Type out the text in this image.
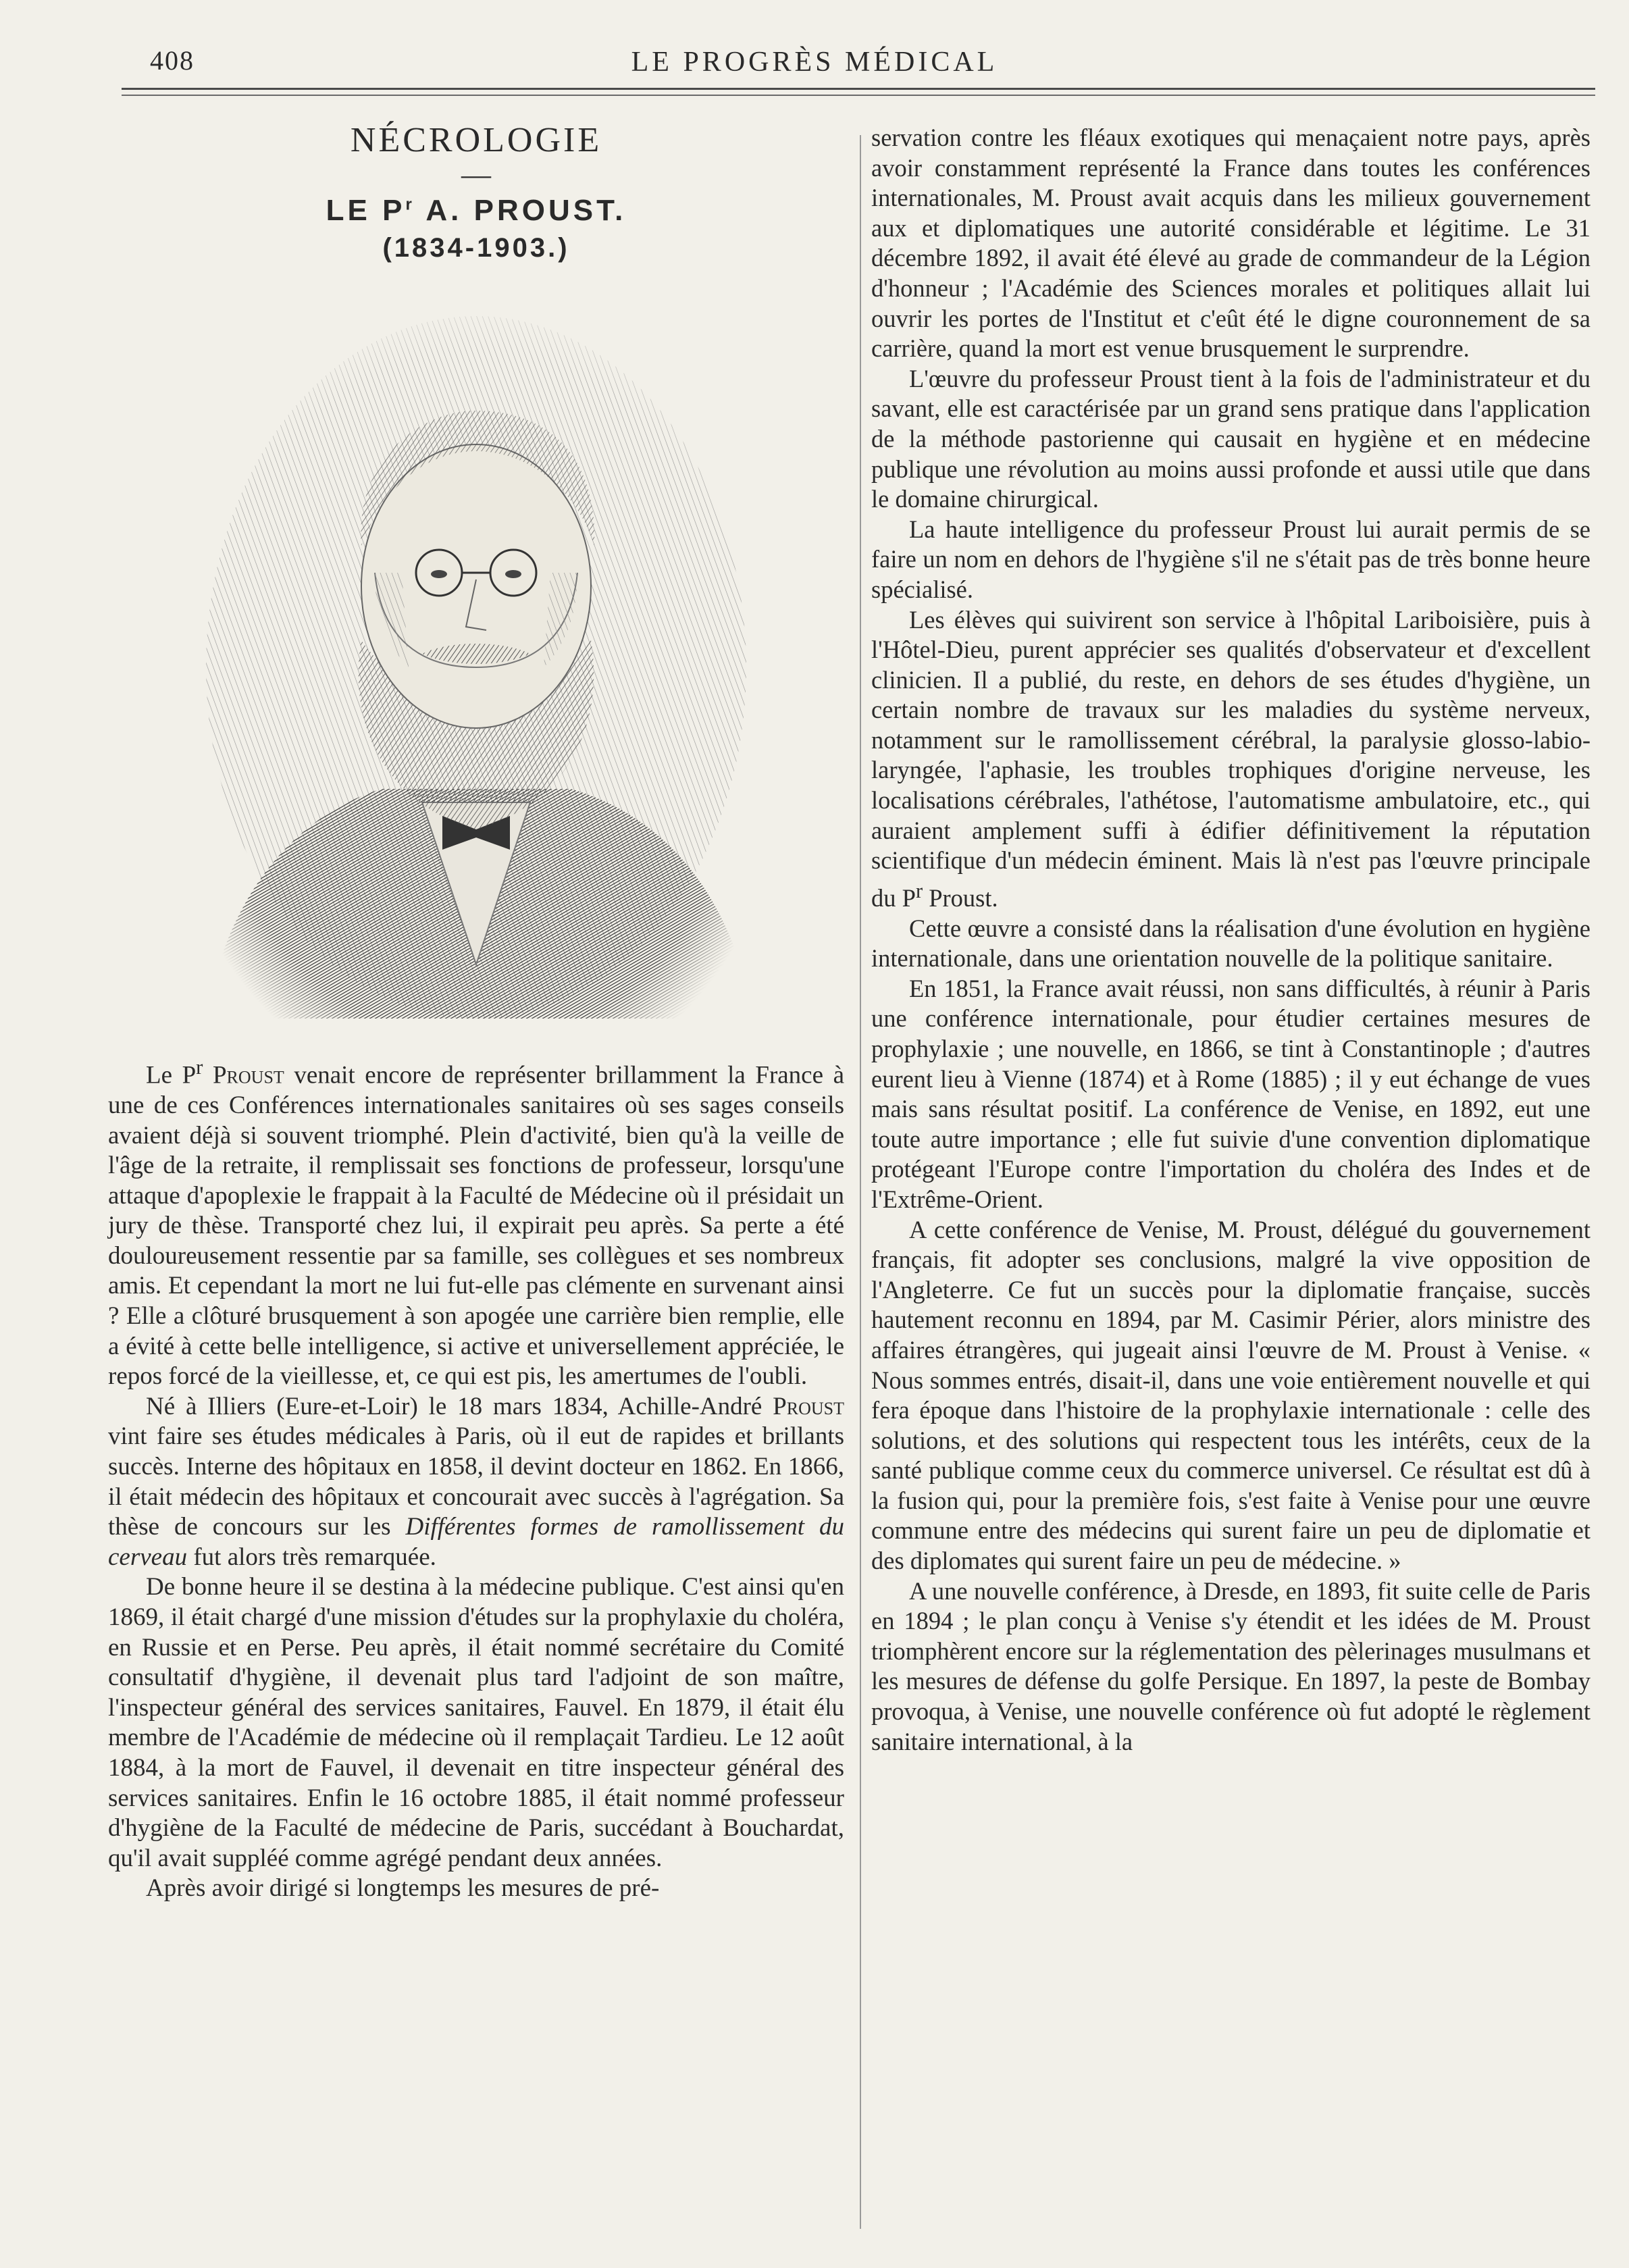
408	LE PROGRÈS MÉDICAL
NÉCROLOGIE
—
LE $P^r$ A. PROUST.
(1834-1903.)

Le $P^r$ Proust venait encore de représenter brillamment la France à une de ces Conférences internationales sanitaires où ses sages conseils avaient déjà si souvent triomphé. Plein d'activité, bien qu'à la veille de l'âge de la retraite, il remplissait ses fonctions de professeur, lorsqu'une attaque d'apoplexie le frappait à la Faculté de Médecine où il présidait un jury de thèse. Transporté chez lui, il expirait peu après. Sa perte a été douloureusement ressentie par sa famille, ses collègues et ses nombreux amis. Et cependant la mort ne lui fut-elle pas clémente en survenant ainsi ? Elle a clôturé brusquement à son apogée une carrière bien remplie, elle a évité à cette belle intelligence, si active et universellement appréciée, le repos forcé de la vieillesse, et, ce qui est pis, les amertumes de l'oubli.

Né à Illiers (Eure-et-Loir) le 18 mars 1834, Achille-André Proust vint faire ses études médicales à Paris, où il eut de rapides et brillants succès. Interne des hôpitaux en 1858, il devint docteur en 1862. En 1866, il était médecin des hôpitaux et concourait avec succès à l'agrégation. Sa thèse de concours sur les Différentes formes de ramollissement du cerveau fut alors très remarquée.

De bonne heure il se destina à la médecine publique. C'est ainsi qu'en 1869, il était chargé d'une mission d'études sur la prophylaxie du choléra, en Russie et en Perse. Peu après, il était nommé secrétaire du Comité consultatif d'hygiène, il devenait plus tard l'adjoint de son maître, l'inspecteur général des services sanitaires, Fauvel. En 1879, il était élu membre de l'Académie de médecine où il remplaçait Tardieu. Le 12 août 1884, à la mort de Fauvel, il devenait en titre inspecteur général des services sanitaires. Enfin le 16 octobre 1885, il était nommé professeur d'hygiène de la Faculté de médecine de Paris, succédant à Bouchardat, qu'il avait suppléé comme agrégé pendant deux années.

Après avoir dirigé si longtemps les mesures de pré-

servation contre les fléaux exotiques qui menaçaient notre pays, après avoir constamment représenté la France dans toutes les conférences internationales, M. Proust avait acquis dans les milieux gouvernement aux et diplomatiques une autorité considérable et légitime. Le 31 décembre 1892, il avait été élevé au grade de commandeur de la Légion d'honneur ; l'Académie des Sciences morales et politiques allait lui ouvrir les portes de l'Institut et c'eût été le digne couronnement de sa carrière, quand la mort est venue brusquement le surprendre.

L'œuvre du professeur Proust tient à la fois de l'administrateur et du savant, elle est caractérisée par un grand sens pratique dans l'application de la méthode pastorienne qui causait en hygiène et en médecine publique une révolution au moins aussi profonde et aussi utile que dans le domaine chirurgical.

La haute intelligence du professeur Proust lui aurait permis de se faire un nom en dehors de l'hygiène s'il ne s'était pas de très bonne heure spécialisé.

Les élèves qui suivirent son service à l'hôpital Lariboisière, puis à l'Hôtel-Dieu, purent apprécier ses qualités d'observateur et d'excellent clinicien. Il a publié, du reste, en dehors de ses études d'hygiène, un certain nombre de travaux sur les maladies du système nerveux, notamment sur le ramollissement cérébral, la paralysie glosso-labio-laryngée, l'aphasie, les troubles trophiques d'origine nerveuse, les localisations cérébrales, l'athétose, l'automatisme ambulatoire, etc., qui auraient amplement suffi à édifier définitivement la réputation scientifique d'un médecin éminent. Mais là n'est pas l'œuvre principale du $P^r$ Proust.

Cette œuvre a consisté dans la réalisation d'une évolution en hygiène internationale, dans une orientation nouvelle de la politique sanitaire.

En 1851, la France avait réussi, non sans difficultés, à réunir à Paris une conférence internationale, pour étudier certaines mesures de prophylaxie ; une nouvelle, en 1866, se tint à Constantinople ; d'autres eurent lieu à Vienne (1874) et à Rome (1885) ; il y eut échange de vues mais sans résultat positif. La conférence de Venise, en 1892, eut une toute autre importance ; elle fut suivie d'une convention diplomatique protégeant l'Europe contre l'importation du choléra des Indes et de l'Extrême-Orient.

A cette conférence de Venise, M. Proust, délégué du gouvernement français, fit adopter ses conclusions, malgré la vive opposition de l'Angleterre. Ce fut un succès pour la diplomatie française, succès hautement reconnu en 1894, par M. Casimir Périer, alors ministre des affaires étrangères, qui jugeait ainsi l'œuvre de M. Proust à Venise. « Nous sommes entrés, disait-il, dans une voie entièrement nouvelle et qui fera époque dans l'histoire de la prophylaxie internationale : celle des solutions, et des solutions qui respectent tous les intérêts, ceux de la santé publique comme ceux du commerce universel. Ce résultat est dû à la fusion qui, pour la première fois, s'est faite à Venise pour une œuvre commune entre des médecins qui surent faire un peu de diplomatie et des diplomates qui surent faire un peu de médecine. »

A une nouvelle conférence, à Dresde, en 1893, fit suite celle de Paris en 1894 ; le plan conçu à Venise s'y étendit et les idées de M. Proust triomphèrent encore sur la réglementation des pèlerinages musulmans et les mesures de défense du golfe Persique. En 1897, la peste de Bombay provoqua, à Venise, une nouvelle conférence où fut adopté le règlement sanitaire international, à la
